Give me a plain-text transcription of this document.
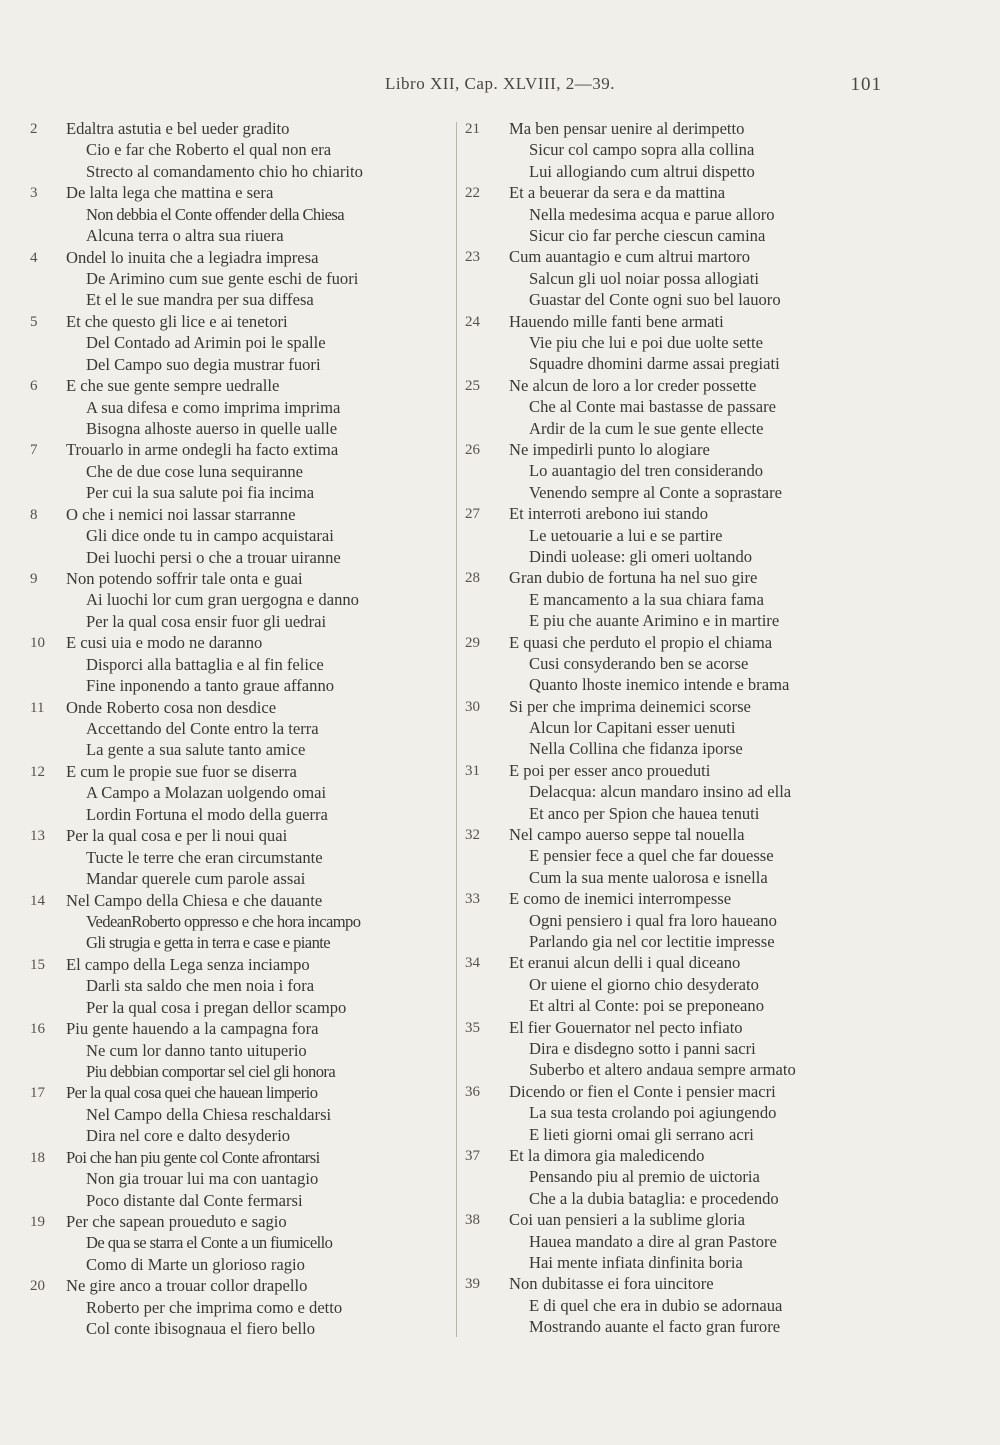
Libro XII, Cap. XLVIII, 2—39.	101
2	Edaltra astutia e bel ueder gradito
Cio e far che Roberto el qual non era
Strecto al comandamento chio ho chiarito
3	De lalta lega che mattina e sera
Non debbia el Conte offender della Chiesa
Alcuna terra o altra sua riuera
4	Ondel lo inuita che a legiadra impresa
De Arimino cum sue gente eschi de fuori
Et el le sue mandra per sua diffesa
5	Et che questo gli lice e ai tenetori
Del Contado ad Arimin poi le spalle
Del Campo suo degia mustrar fuori
6	E che sue gente sempre uedralle
A sua difesa e como imprima imprima
Bisogna alhoste auerso in quelle ualle
7	Trouarlo in arme ondegli ha facto extima
Che de due cose luna sequiranne
Per cui la sua salute poi fia incima
8	O che i nemici noi lassar starranne
Gli dice onde tu in campo acquistarai
Dei luochi persi o che a trouar uiranne
9	Non potendo soffrir tale onta e guai
Ai luochi lor cum gran uergogna e danno
Per la qual cosa ensir fuor gli uedrai
10	E cusi uia e modo ne daranno
Disporci alla battaglia e al fin felice
Fine inponendo a tanto graue affanno
11	Onde Roberto cosa non desdice
Accettando del Conte entro la terra
La gente a sua salute tanto amice
12	E cum le propie sue fuor se diserra
A Campo a Molazan uolgendo omai
Lordin Fortuna el modo della guerra
13	Per la qual cosa e per li noui quai
Tucte le terre che eran circumstante
Mandar querele cum parole assai
14	Nel Campo della Chiesa e che dauante
VedeanRoberto oppresso e che hora incampo
Gli strugia e getta in terra e case e piante
15	El campo della Lega senza inciampo
Darli sta saldo che men noia i fora
Per la qual cosa i pregan dellor scampo
16	Piu gente hauendo a la campagna fora
Ne cum lor danno tanto uituperio
Piu debbian comportar sel ciel gli honora
17	Per la qual cosa quei che hauean limperio
Nel Campo della Chiesa reschaldarsi
Dira nel core e dalto desyderio
18	Poi che han piu gente col Conte afrontarsi
Non gia trouar lui ma con uantagio
Poco distante dal Conte fermarsi
19	Per che sapean proueduto e sagio
De qua se starra el Conte a un fiumicello
Como di Marte un glorioso ragio
20	Ne gire anco a trouar collor drapello
Roberto per che imprima como e detto
Col conte ibisognaua el fiero bello
21	Ma ben pensar uenire al derimpetto
Sicur col campo sopra alla collina
Lui allogiando cum altrui dispetto
22	Et a beuerar da sera e da mattina
Nella medesima acqua e parue alloro
Sicur cio far perche ciescun camina
23	Cum auantagio e cum altrui martoro
Salcun gli uol noiar possa allogiati
Guastar del Conte ogni suo bel lauoro
24	Hauendo mille fanti bene armati
Vie piu che lui e poi due uolte sette
Squadre dhomini darme assai pregiati
25	Ne alcun de loro a lor creder possette
Che al Conte mai bastasse de passare
Ardir de la cum le sue gente ellecte
26	Ne impedirli punto lo alogiare
Lo auantagio del tren considerando
Venendo sempre al Conte a soprastare
27	Et interroti arebono iui stando
Le uetouarie a lui e se partire
Dindi uolease: gli omeri uoltando
28	Gran dubio de fortuna ha nel suo gire
E mancamento a la sua chiara fama
E piu che auante Arimino e in martire
29	E quasi che perduto el propio el chiama
Cusi consyderando ben se acorse
Quanto lhoste inemico intende e brama
30	Si per che imprima deinemici scorse
Alcun lor Capitani esser uenuti
Nella Collina che fidanza iporse
31	E poi per esser anco proueduti
Delacqua: alcun mandaro insino ad ella
Et anco per Spion che hauea tenuti
32	Nel campo auerso seppe tal nouella
E pensier fece a quel che far douesse
Cum la sua mente ualorosa e isnella
33	E como de inemici interrompesse
Ogni pensiero i qual fra loro haueano
Parlando gia nel cor lectitie impresse
34	Et eranui alcun delli i qual diceano
Or uiene el giorno chio desyderato
Et altri al Conte: poi se preponeano
35	El fier Gouernator nel pecto infiato
Dira e disdegno sotto i panni sacri
Suberbo et altero andaua sempre armato
36	Dicendo or fien el Conte i pensier macri
La sua testa crolando poi agiungendo
E lieti giorni omai gli serrano acri
37	Et la dimora gia maledicendo
Pensando piu al premio de uictoria
Che a la dubia bataglia: e procedendo
38	Coi uan pensieri a la sublime gloria
Hauea mandato a dire al gran Pastore
Hai mente infiata dinfinita boria
39	Non dubitasse ei fora uincitore
E di quel che era in dubio se adornaua
Mostrando auante el facto gran furore
